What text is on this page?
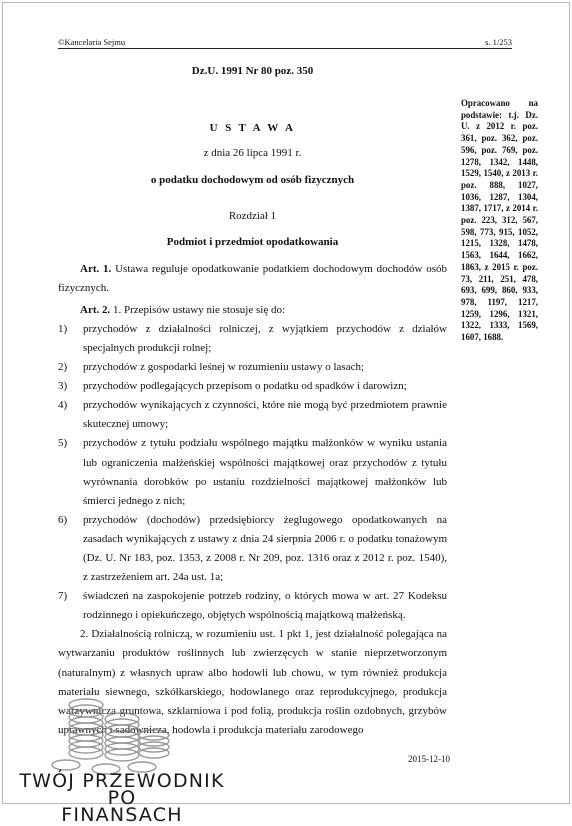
©Kancelaria Sejmu	s. 1/253
Opracowano na podstawie: t.j. Dz. U. z 2012 r. poz. 361, poz. 362, poz. 596, poz. 769, poz. 1278, 1342, 1448, 1529, 1540, z 2013 r. poz. 888, 1027, 1036, 1287, 1304, 1387, 1717, z 2014 r. poz. 223, 312, 567, 598, 773, 915, 1052, 1215, 1328, 1478, 1563, 1644, 1662, 1863, z 2015 r. poz. 73, 211, 251, 478, 693, 699, 860, 933, 978, 1197, 1217, 1259, 1296, 1321, 1322, 1333, 1569, 1607, 1688.
Dz.U. 1991 Nr 80 poz. 350
U S T A W A
z dnia 26 lipca 1991 r.
o podatku dochodowym od osób fizycznych
Rozdział 1
Podmiot i przedmiot opodatkowania

Art. 1. Ustawa reguluje opodatkowanie podatkiem dochodowym dochodów osób fizycznych.

Art. 2. 1. Przepisów ustawy nie stosuje się do:

1) przychodów z działalności rolniczej, z wyjątkiem przychodów z działów specjalnych produkcji rolnej;
2) przychodów z gospodarki leśnej w rozumieniu ustawy o lasach;
3) przychodów podlegających przepisom o podatku od spadków i darowizn;
4) przychodów wynikających z czynności, które nie mogą być przedmiotem prawnie skutecznej umowy;
5) przychodów z tytułu podziału wspólnego majątku małżonków w wyniku ustania lub ograniczenia małżeńskiej wspólności majątkowej oraz przychodów z tytułu wyrównania dorobków po ustaniu rozdzielności majątkowej małżonków lub śmierci jednego z nich;
6) przychodów (dochodów) przedsiębiorcy żeglugowego opodatkowanych na zasadach wynikających z ustawy z dnia 24 sierpnia 2006 r. o podatku tonażowym (Dz. U. Nr 183, poz. 1353, z 2008 r. Nr 209, poz. 1316 oraz z 2012 r. poz. 1540), z zastrzeżeniem art. 24a ust. 1a;
7) świadczeń na zaspokojenie potrzeb rodziny, o których mowa w art. 27 Kodeksu rodzinnego i opiekuńczego, objętych wspólnością majątkową małżeńską.

2. Działalnością rolniczą, w rozumieniu ust. 1 pkt 1, jest działalność polegająca na wytwarzaniu produktów roślinnych lub zwierzęcych w stanie nieprzetworzonym (naturalnym) z własnych upraw albo hodowli lub chowu, w tym również produkcja materiału siewnego, szkółkarskiego, hodowlanego oraz reprodukcyjnego, produkcja warzywnicza gruntowa, szklarniowa i pod folią, produkcja roślin ozdobnych, grzybów uprawnych i sadownicza, hodowla i produkcja materiału zarodowego

2015-12-10
TWÓJ PRZEWODNIK PO
FINANSACH
